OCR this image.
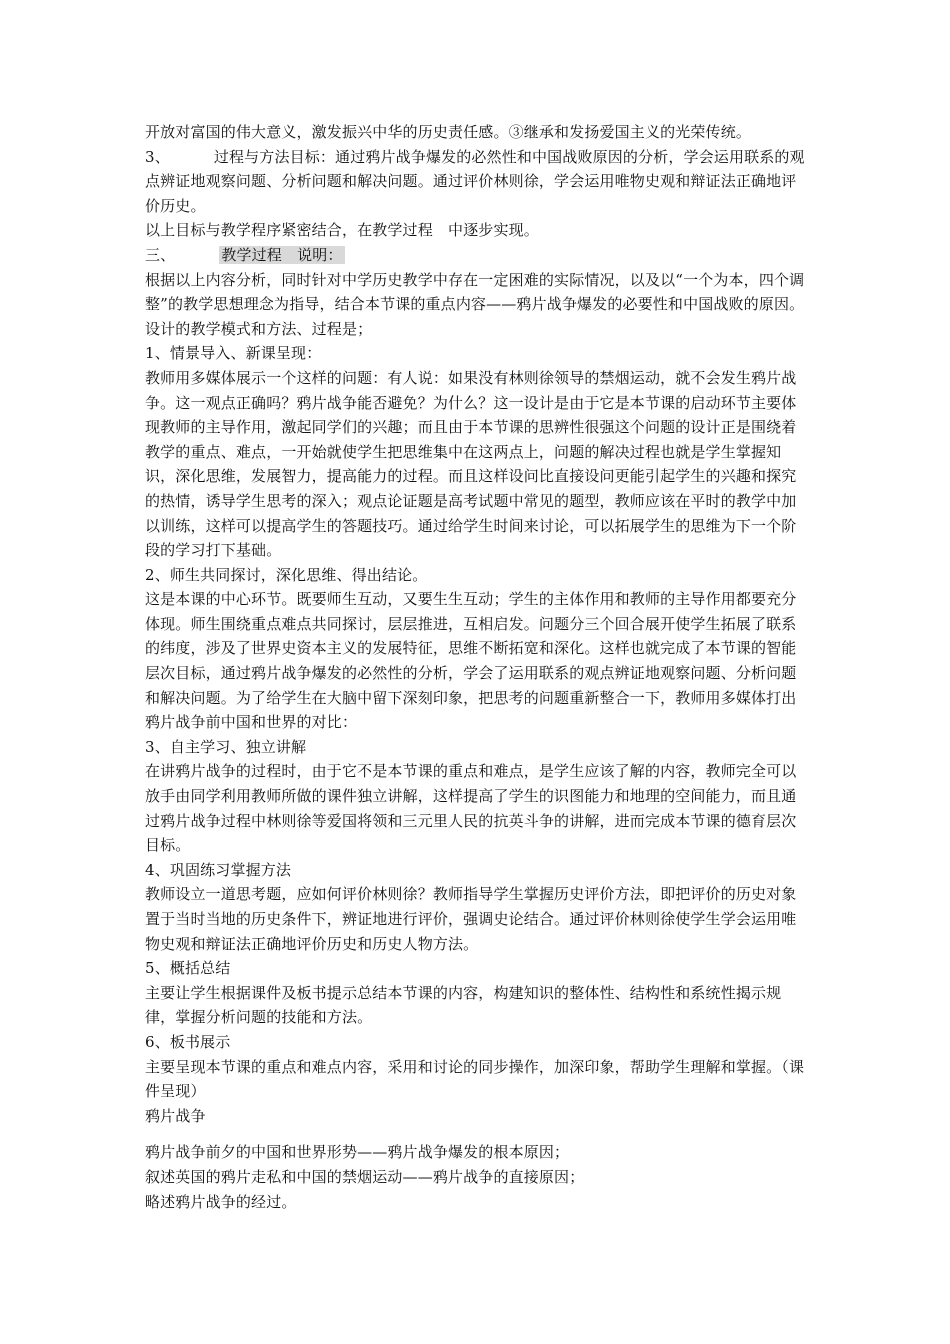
开放对富国的伟大意义，激发振兴中华的历史责任感。③继承和发扬爱国主义的光荣传统。

3、	过程与方法目标：通过鸦片战争爆发的必然性和中国战败原因的分析，学会运用联系的观点辨证地观察问题、分析问题和解决问题。通过评价林则徐，学会运用唯物史观和辩证法正确地评价历史。

以上目标与教学程序紧密结合，在教学过程　中逐步实现。

三、	教学过程　说明：

根据以上内容分析，同时针对中学历史教学中存在一定困难的实际情况，以及以“一个为本，四个调整”的教学思想理念为指导，结合本节课的重点内容——鸦片战争爆发的必要性和中国战败的原因。设计的教学模式和方法、过程是；

1、情景导入、新课呈现：

教师用多媒体展示一个这样的问题：有人说：如果没有林则徐领导的禁烟运动，就不会发生鸦片战争。这一观点正确吗？鸦片战争能否避免？为什么？这一设计是由于它是本节课的启动环节主要体现教师的主导作用，激起同学们的兴趣；而且由于本节课的思辨性很强这个问题的设计正是围绕着教学的重点、难点，一开始就使学生把思维集中在这两点上，问题的解决过程也就是学生掌握知识，深化思维，发展智力，提高能力的过程。而且这样设问比直接设问更能引起学生的兴趣和探究的热情，诱导学生思考的深入；观点论证题是高考试题中常见的题型，教师应该在平时的教学中加以训练，这样可以提高学生的答题技巧。通过给学生时间来讨论，可以拓展学生的思维为下一个阶段的学习打下基础。

2、师生共同探讨，深化思维、得出结论。

这是本课的中心环节。既要师生互动，又要生生互动；学生的主体作用和教师的主导作用都要充分体现。师生围绕重点难点共同探讨，层层推进，互相启发。问题分三个回合展开使学生拓展了联系的纬度，涉及了世界史资本主义的发展特征，思维不断拓宽和深化。这样也就完成了本节课的智能层次目标，通过鸦片战争爆发的必然性的分析，学会了运用联系的观点辨证地观察问题、分析问题和解决问题。为了给学生在大脑中留下深刻印象，把思考的问题重新整合一下，教师用多媒体打出鸦片战争前中国和世界的对比：

3、自主学习、独立讲解

在讲鸦片战争的过程时，由于它不是本节课的重点和难点，是学生应该了解的内容，教师完全可以放手由同学利用教师所做的课件独立讲解，这样提高了学生的识图能力和地理的空间能力，而且通过鸦片战争过程中林则徐等爱国将领和三元里人民的抗英斗争的讲解，进而完成本节课的德育层次目标。

4、巩固练习掌握方法

教师设立一道思考题，应如何评价林则徐？教师指导学生掌握历史评价方法，即把评价的历史对象置于当时当地的历史条件下，辨证地进行评价，强调史论结合。通过评价林则徐使学生学会运用唯物史观和辩证法正确地评价历史和历史人物方法。

5、概括总结

主要让学生根据课件及板书提示总结本节课的内容，构建知识的整体性、结构性和系统性揭示规律，掌握分析问题的技能和方法。

6、板书展示

主要呈现本节课的重点和难点内容，采用和讨论的同步操作，加深印象，帮助学生理解和掌握。（课件呈现）

鸦片战争

鸦片战争前夕的中国和世界形势——鸦片战争爆发的根本原因；

叙述英国的鸦片走私和中国的禁烟运动——鸦片战争的直接原因；

略述鸦片战争的经过。
